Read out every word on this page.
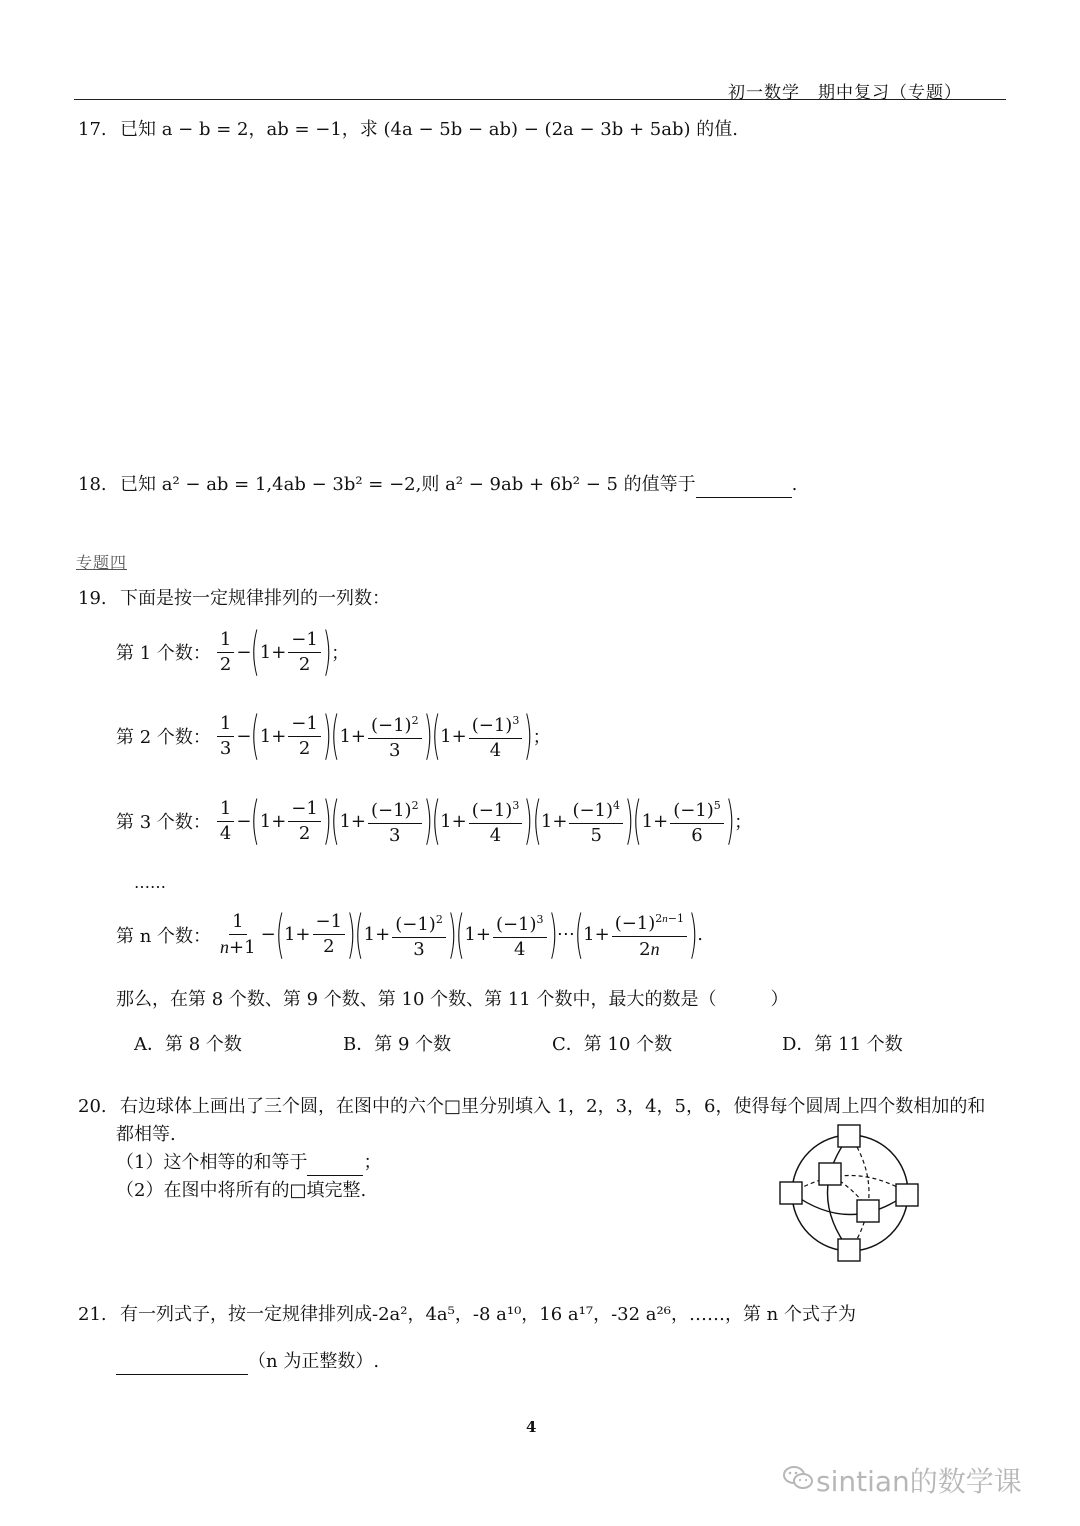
初一数学　期中复习（专题）
17. 已知 a − b = 2，ab = −1，求 (4a − 5b − ab) − (2a − 3b + 5ab) 的值.
18. 已知 a² − ab = 1,4ab − 3b² = −2,则 a² − 9ab + 6b² − 5 的值等于	.
专题四
19. 下面是按一定规律排列的一列数：
第 1 个数： $\frac{1}{2}$ − ( $1+ \frac{-1}{2}$ ) ；
第 2 个数： $\frac{1}{3}$ − ( $1+ \frac{-1}{2}$ ) ( $1+ \frac{(-1)^2}{3}$ ) ( $1+ \frac{(-1)^3}{4}$ ) ；
第 3 个数： $\frac{1}{4}$ − ( $1+ \frac{-1}{2}$ ) ( $1+ \frac{(-1)^2}{3}$ ) ( $1+ \frac{(-1)^3}{4}$ ) ( $1+ \frac{(-1)^4}{5}$ ) ( $1+ \frac{(-1)^5}{6}$ ) ；
……
第 n 个数： $\frac{1}{n+1}$ − ( $1+ \frac{-1}{2}$ ) ( $1+ \frac{(-1)^2}{3}$ ) ( $1+ \frac{(-1)^3}{4}$ ) ⋯ ( $1+ \frac{(-1)^{2n-1}}{2n}$ ) .
那么，在第 8 个数、第 9 个数、第 10 个数、第 11 个数中，最大的数是（　　　）
A．第 8 个数	B．第 9 个数	C．第 10 个数	D．第 11 个数
20. 右边球体上画出了三个圆，在图中的六个□里分别填入 1，2，3，4，5，6，使得每个圆周上四个数相加的和
都相等.
（1）这个相等的和等于	；
（2）在图中将所有的□填完整.
21. 有一列式子，按一定规律排列成-2a²，4a⁵，-8 a¹⁰，16 a¹⁷，-32 a²⁶，……，第 n 个式子为
（n 为正整数）.
4
sintian的数学课
